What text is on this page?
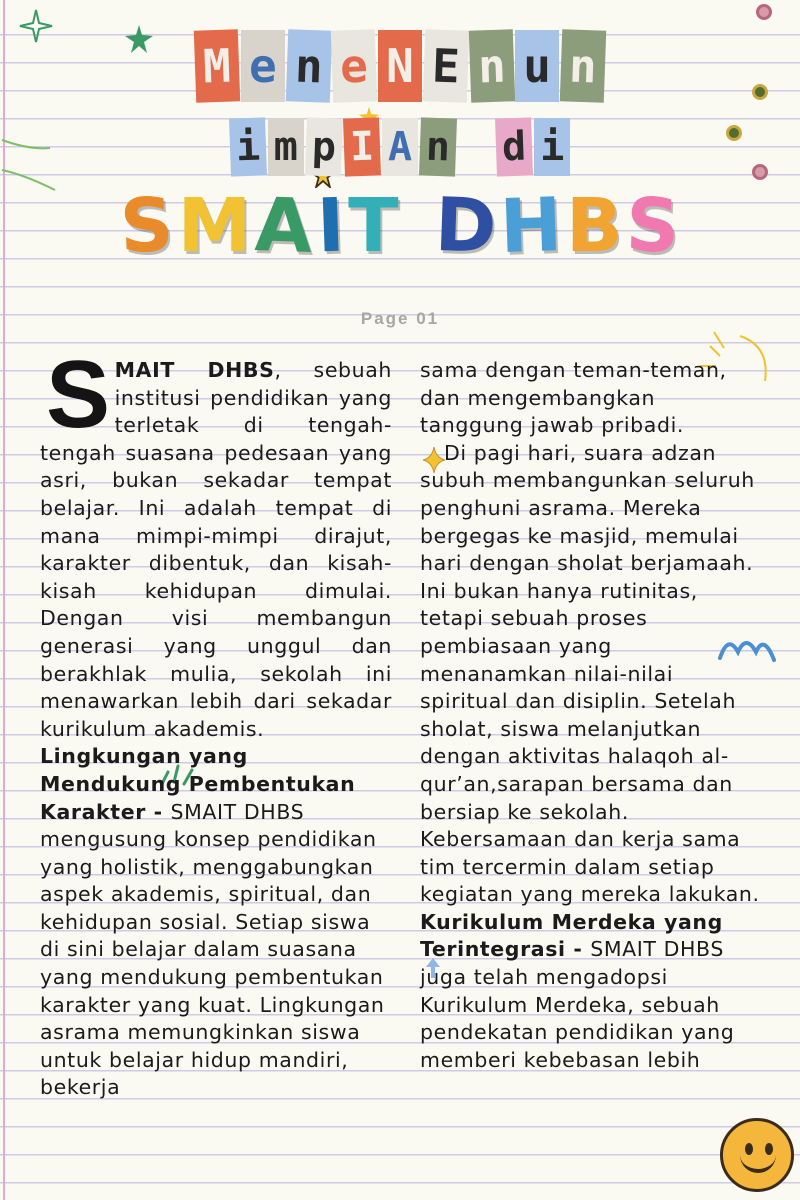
M e n e N E n u n
i m p I A n d i
S M A I T D H B S
Page 01

SMAIT DHBS, sebuah institusi pendidikan yang terletak di tengah-tengah suasana pedesaan yang asri, bukan sekadar tempat belajar. Ini adalah tempat di mana mimpi-mimpi dirajut, karakter dibentuk, dan kisah-kisah kehidupan dimulai. Dengan visi membangun generasi yang unggul dan berakhlak mulia, sekolah ini menawarkan lebih dari sekadar kurikulum akademis.

Lingkungan yang Mendukung Pembentukan Karakter - SMAIT DHBS mengusung konsep pendidikan yang holistik, menggabungkan aspek akademis, spiritual, dan kehidupan sosial. Setiap siswa di sini belajar dalam suasana yang mendukung pembentukan karakter yang kuat. Lingkungan asrama memungkinkan siswa untuk belajar hidup mandiri, bekerja

sama dengan teman-teman, dan mengembangkan tanggung jawab pribadi.

Di pagi hari, suara adzan subuh membangunkan seluruh penghuni asrama. Mereka bergegas ke masjid, memulai hari dengan sholat berjamaah. Ini bukan hanya rutinitas, tetapi sebuah proses pembiasaan yang menanamkan nilai-nilai spiritual dan disiplin. Setelah sholat, siswa melanjutkan dengan aktivitas halaqoh al-qur’an,sarapan bersama dan bersiap ke sekolah. Kebersamaan dan kerja sama tim tercermin dalam setiap kegiatan yang mereka lakukan.

Kurikulum Merdeka yang Terintegrasi - SMAIT DHBS juga telah mengadopsi Kurikulum Merdeka, sebuah pendekatan pendidikan yang memberi kebebasan lebih
